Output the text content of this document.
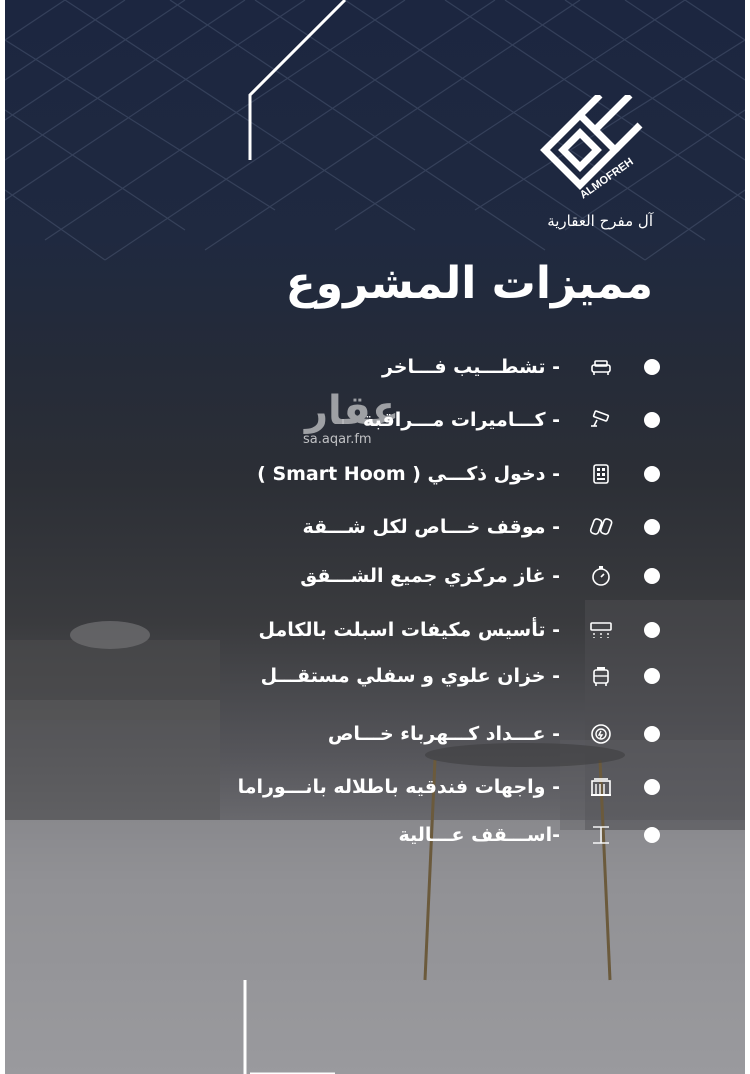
ALMOFREH
آل مفرح العقارية
مميزات المشروع
- تشطـــيب فـــاخر
- كـــاميرات مـــراقبة
- دخول ذكـــي ( Smart Hoom )
- موقف خـــاص لكل شـــقة
- غاز مركزي جميع الشـــقق
- تأسيس مكيفات اسبلت بالكامل
- خزان علوي و سفلي مستقـــل
- عـــداد كـــهرباء خـــاص
- واجهات فندقيه باطلاله بانـــوراما
-اســـقف عـــالية
عقار
sa.aqar.fm
